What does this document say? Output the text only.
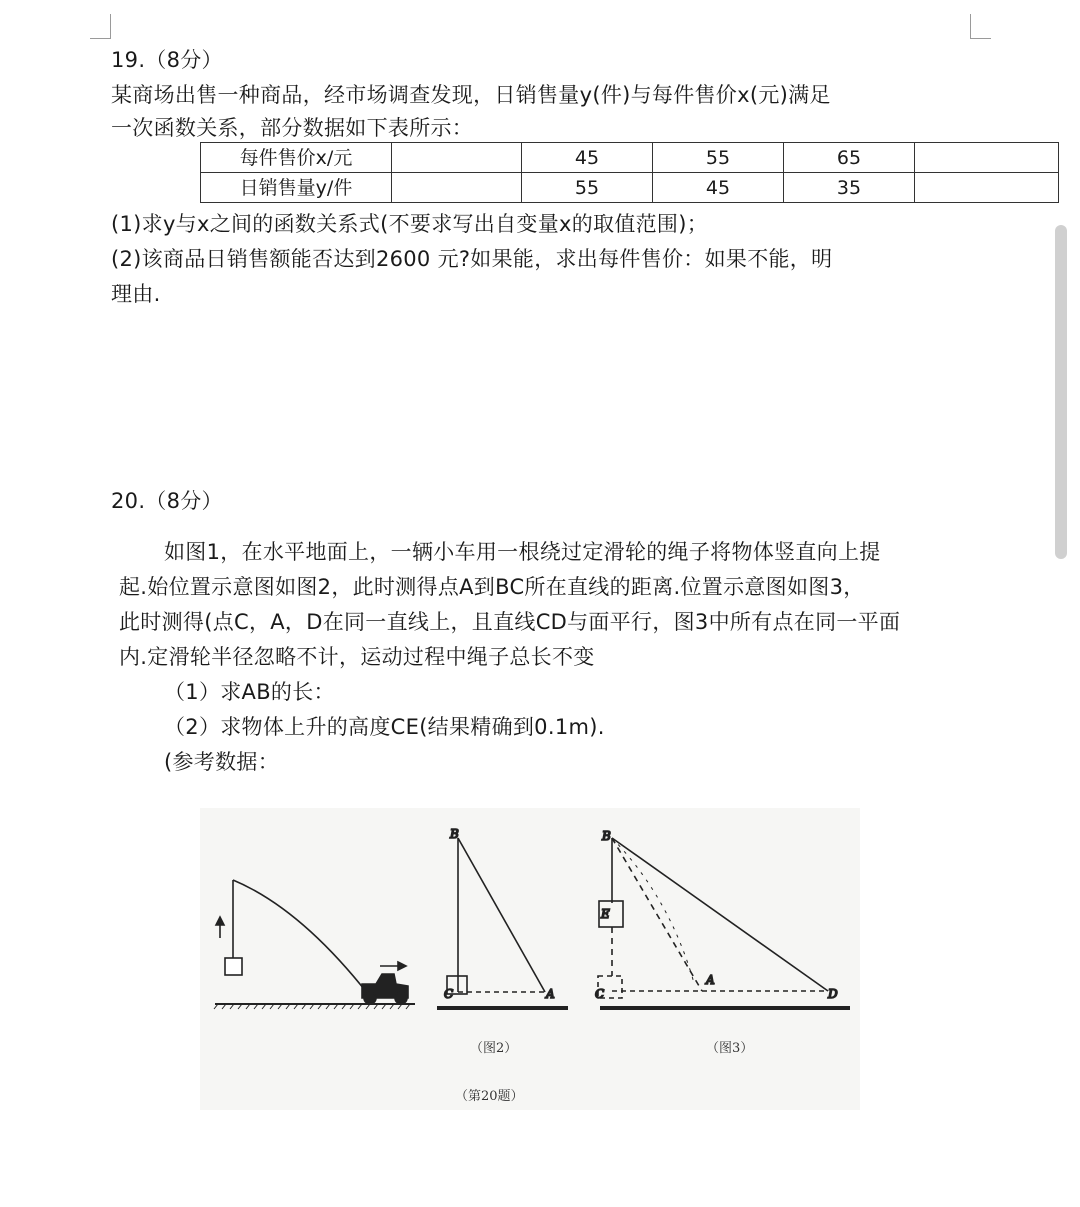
19.（8分）
某商场出售一种商品，经市场调查发现，日销售量y(件)与每件售价x(元)满足
一次函数关系，部分数据如下表所示：
每件售价x/元		45	55	65	
日销售量y/件		55	45	35	
(1)求y与x之间的函数关系式(不要求写出自变量x的取值范围)；
(2)该商品日销售额能否达到2600 元?如果能，求出每件售价：如果不能，明
理由.
20.（8分）
如图1，在水平地面上，一辆小车用一根绕过定滑轮的绳子将物体竖直向上提
起.始位置示意图如图2，此时测得点A到BC所在直线的距离.位置示意图如图3，
此时测得(点C，A，D在同一直线上，且直线CD与面平行，图3中所有点在同一平面
内.定滑轮半径忽略不计，运动过程中绳子总长不变
（1）求AB的长：
（2）求物体上升的高度CE(结果精确到0.1m).
(参考数据：
B
C	A
B
E
C
A
D
（图2）	（图3）
（第20题）
